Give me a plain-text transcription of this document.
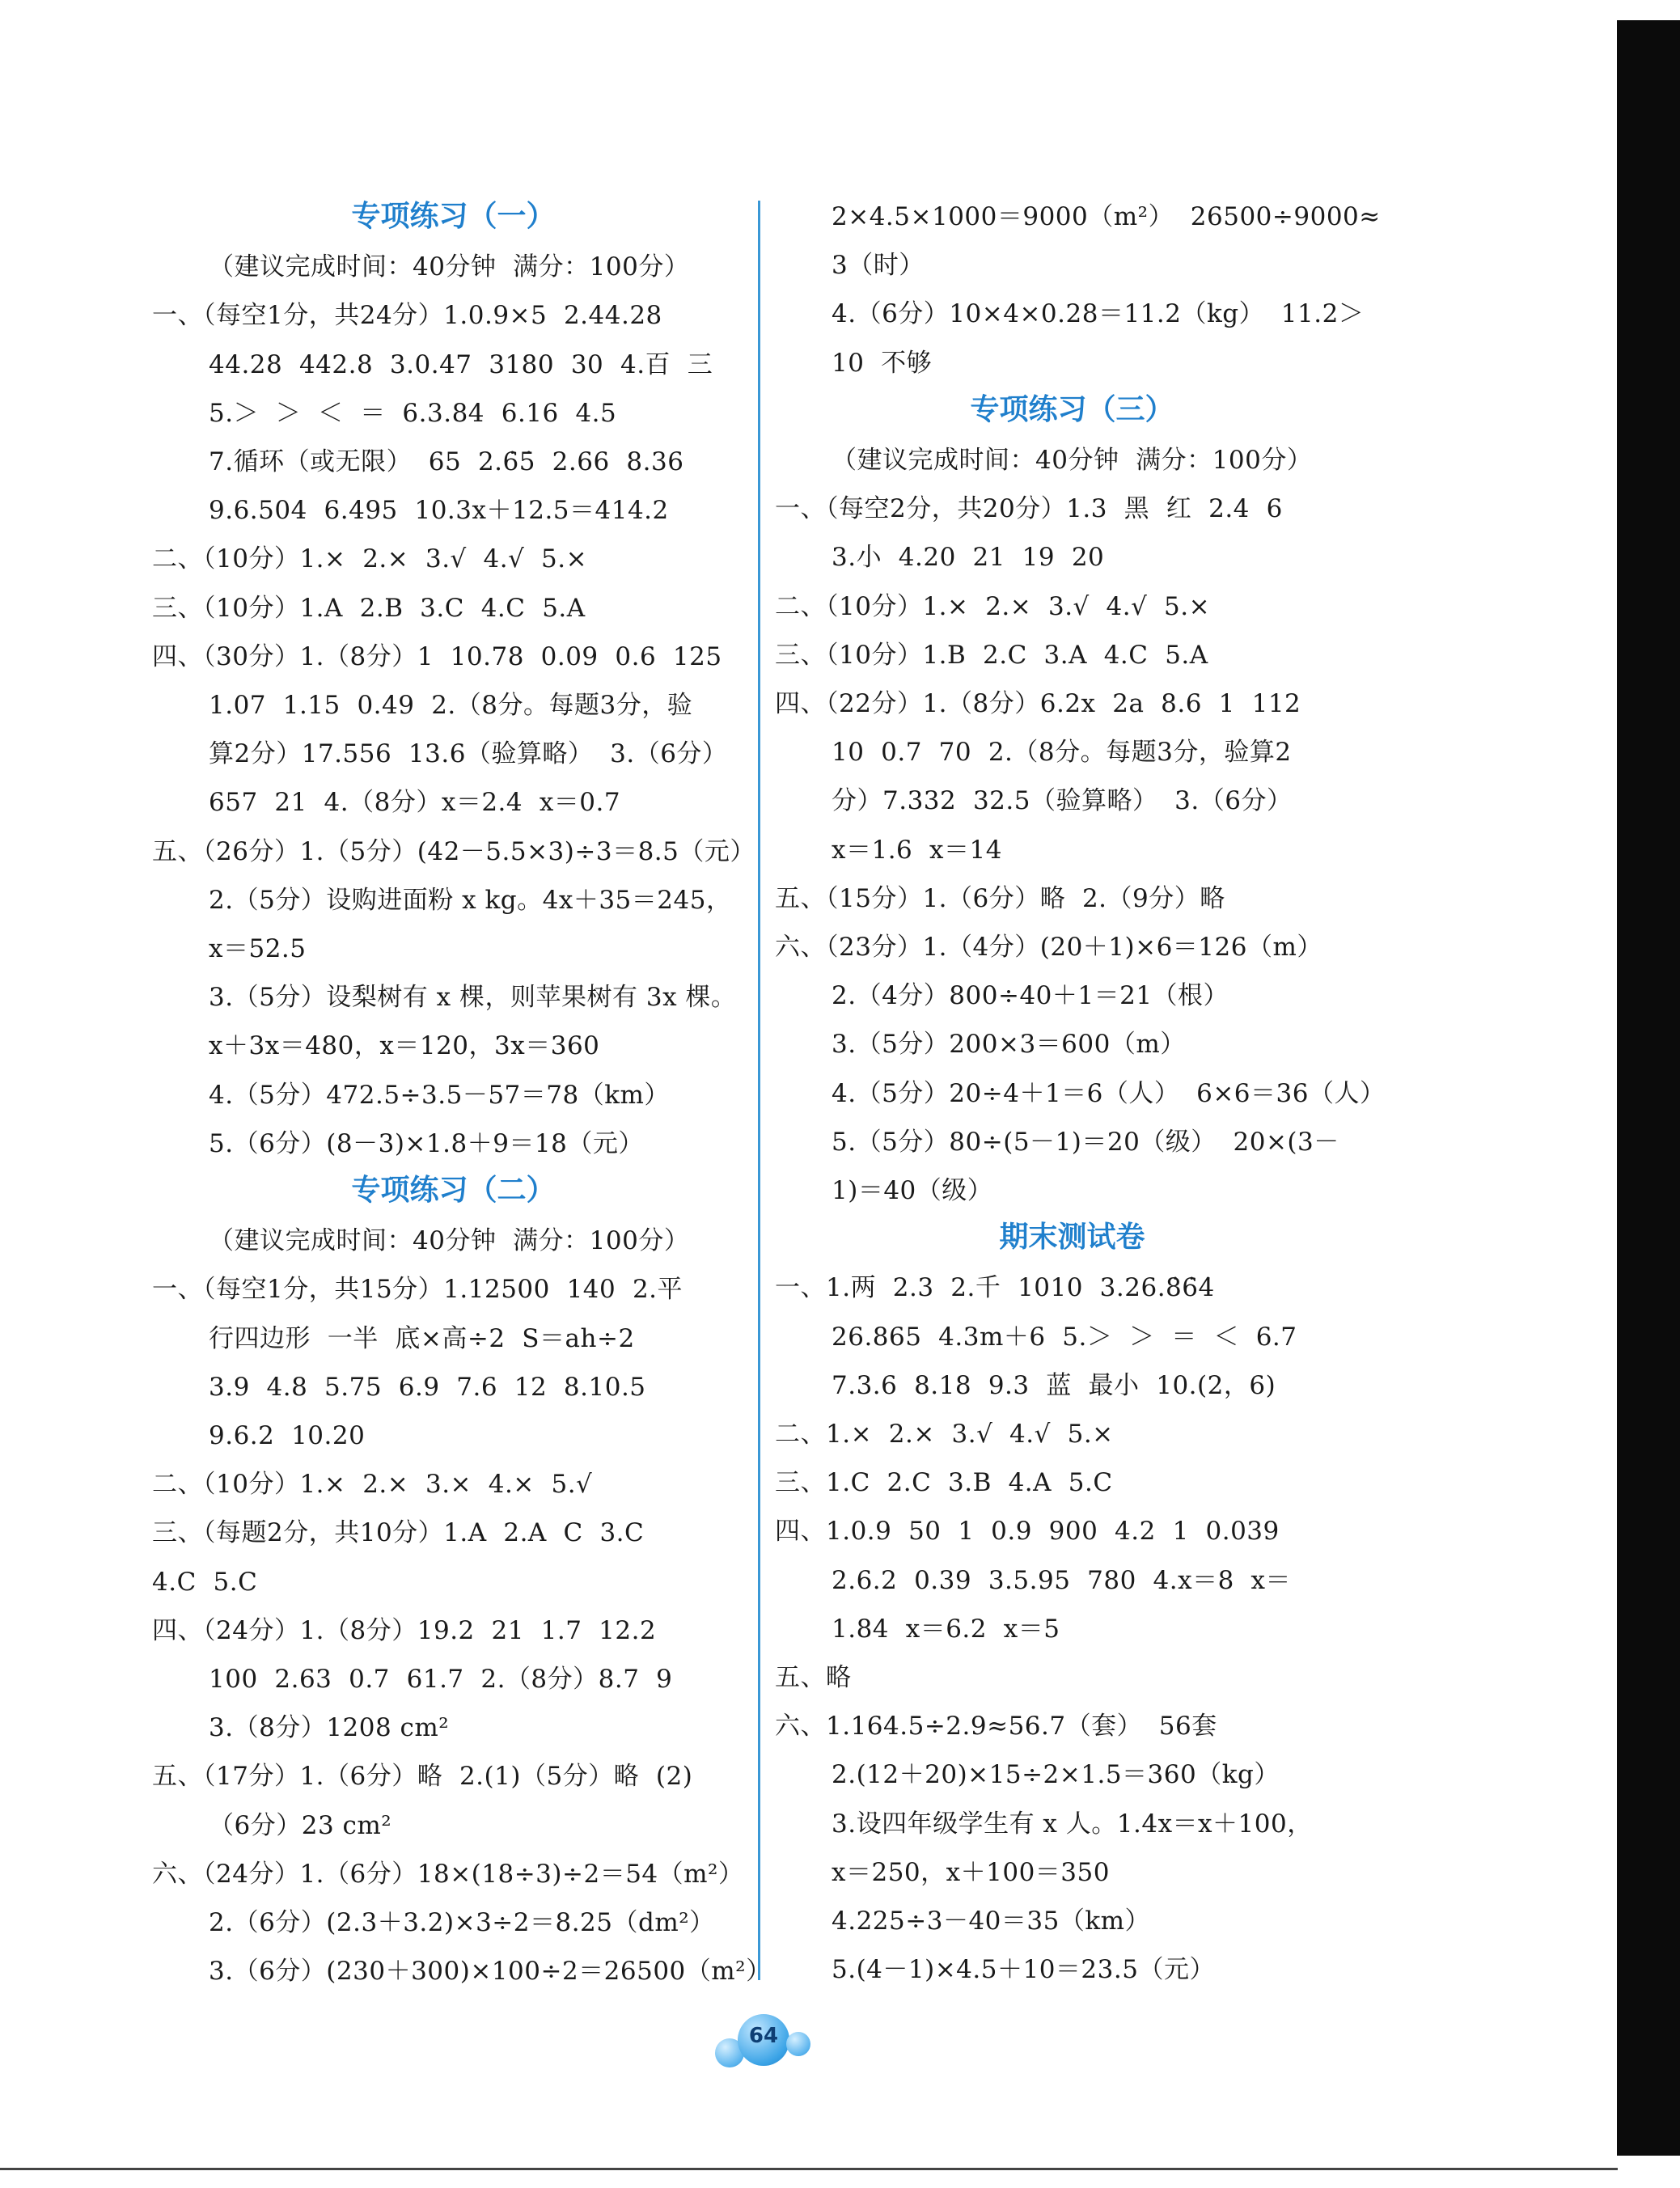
专项练习（一）
（建议完成时间：40分钟  满分：100分）
一、（每空1分，共24分）1.0.9×5  2.44.28
44.28  442.8  3.0.47  3180  30  4.百  三
5.＞  ＞  ＜  ＝  6.3.84  6.16  4.5
7.循环（或无限）  65  2.6̇5̇  2.66  8.36
9.6.504  6.495  10.3x＋12.5＝414.2
二、（10分）1.×  2.×  3.√  4.√  5.×
三、（10分）1.A  2.B  3.C  4.C  5.A
四、（30分）1.（8分）1  10.78  0.09  0.6  125
1.07  1.15  0.49  2.（8分。每题3分，验
算2分）17.556  13.6（验算略）  3.（6分）
657  21  4.（8分）x＝2.4  x＝0.7
五、（26分）1.（5分）(42－5.5×3)÷3＝8.5（元）
2.（5分）设购进面粉 x kg。4x＋35＝245，
x＝52.5
3.（5分）设梨树有 x 棵，则苹果树有 3x 棵。
x＋3x＝480，x＝120，3x＝360
4.（5分）472.5÷3.5－57＝78（km）
5.（6分）(8－3)×1.8＋9＝18（元）
专项练习（二）
（建议完成时间：40分钟  满分：100分）
一、（每空1分，共15分）1.12500  140  2.平
行四边形  一半  底×高÷2  S＝ah÷2
3.9  4.8  5.75  6.9  7.6  12  8.10.5
9.6.2  10.20
二、（10分）1.×  2.×  3.×  4.×  5.√
三、（每题2分，共10分）1.A  2.A  C  3.C
4.C  5.C
四、（24分）1.（8分）19.2  21  1.7  12.2
100  2.63  0.7  61.7  2.（8分）8.7  9
3.（8分）1208 cm²
五、（17分）1.（6分）略  2.(1)（5分）略  (2)
（6分）23 cm²
六、（24分）1.（6分）18×(18÷3)÷2＝54（m²）
2.（6分）(2.3＋3.2)×3÷2＝8.25（dm²）
3.（6分）(230＋300)×100÷2＝26500（m²）
2×4.5×1000＝9000（m²）  26500÷9000≈
3（时）
4.（6分）10×4×0.28＝11.2（kg）  11.2＞
10  不够
专项练习（三）
（建议完成时间：40分钟  满分：100分）
一、（每空2分，共20分）1.3  黑  红  2.4  6
3.小  4.20  21  19  20
二、（10分）1.×  2.×  3.√  4.√  5.×
三、（10分）1.B  2.C  3.A  4.C  5.A
四、（22分）1.（8分）6.2x  2a  8.6  1  112
10  0.7  70  2.（8分。每题3分，验算2
分）7.332  32.5（验算略）  3.（6分）
x＝1.6  x＝14
五、（15分）1.（6分）略  2.（9分）略
六、（23分）1.（4分）(20＋1)×6＝126（m）
2.（4分）800÷40＋1＝21（根）
3.（5分）200×3＝600（m）
4.（5分）20÷4＋1＝6（人）  6×6＝36（人）
5.（5分）80÷(5－1)＝20（级）  20×(3－
1)＝40（级）
期末测试卷
一、1.两  2.3  2.千  1010  3.26.8̇6̇4̇
26.865  4.3m＋6  5.＞  ＞  ＝  ＜  6.7
7.3.6  8.18  9.3  蓝  最小  10.(2，6)
二、1.×  2.×  3.√  4.√  5.×
三、1.C  2.C  3.B  4.A  5.C
四、1.0.9  50  1  0.9  900  4.2  1  0.039
2.6.2  0.39  3.5.95  780  4.x＝8  x＝
1.84  x＝6.2  x＝5
五、略
六、1.164.5÷2.9≈56.7（套）  56套
2.(12＋20)×15÷2×1.5＝360（kg）
3.设四年级学生有 x 人。1.4x＝x＋100，
x＝250，x＋100＝350
4.225÷3－40＝35（km）
5.(4－1)×4.5＋10＝23.5（元）
64
